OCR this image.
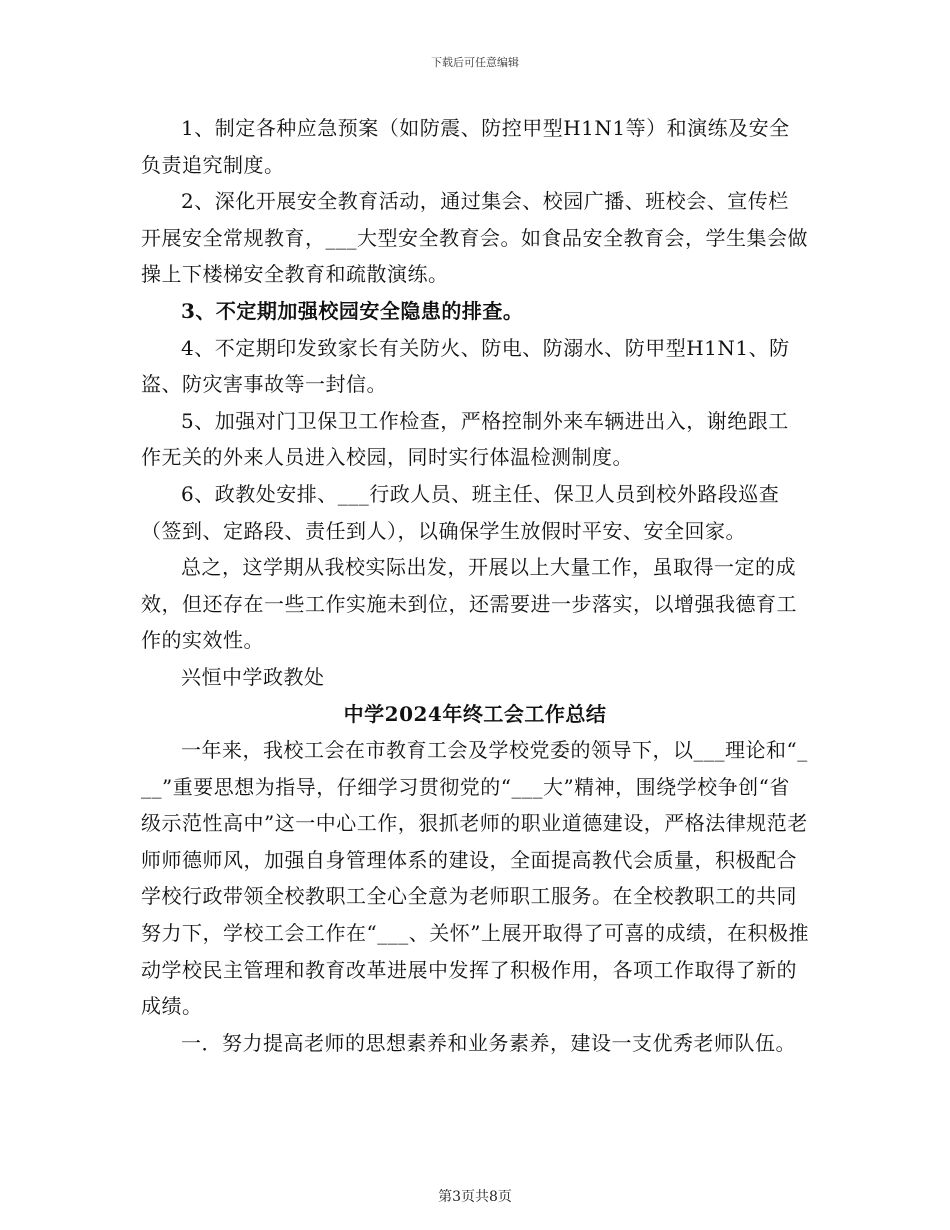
下载后可任意编辑

1、制定各种应急预案（如防震、防控甲型H1N1等）和演练及安全负责追究制度。

2、深化开展安全教育活动，通过集会、校园广播、班校会、宣传栏开展安全常规教育，___大型安全教育会。如食品安全教育会，学生集会做操上下楼梯安全教育和疏散演练。

3、不定期加强校园安全隐患的排查。

4、不定期印发致家长有关防火、防电、防溺水、防甲型H1N1、防盗、防灾害事故等一封信。

5、加强对门卫保卫工作检查，严格控制外来车辆进出入，谢绝跟工作无关的外来人员进入校园，同时实行体温检测制度。

6、政教处安排、___行政人员、班主任、保卫人员到校外路段巡查（签到、定路段、责任到人），以确保学生放假时平安、安全回家。

总之，这学期从我校实际出发，开展以上大量工作，虽取得一定的成效，但还存在一些工作实施未到位，还需要进一步落实，以增强我德育工作的实效性。

兴恒中学政教处

中学2024年终工会工作总结

一年来，我校工会在市教育工会及学校党委的领导下，以___理论和“___”重要思想为指导，仔细学习贯彻党的“___大”精神，围绕学校争创“省级示范性高中”这一中心工作，狠抓老师的职业道德建设，严格法律规范老师师德师风，加强自身管理体系的建设，全面提高教代会质量，积极配合学校行政带领全校教职工全心全意为老师职工服务。在全校教职工的共同努力下，学校工会工作在“___、关怀”上展开取得了可喜的成绩，在积极推动学校民主管理和教育改革进展中发挥了积极作用，各项工作取得了新的成绩。

一．努力提高老师的思想素养和业务素养，建设一支优秀老师队伍。

第3页共8页
